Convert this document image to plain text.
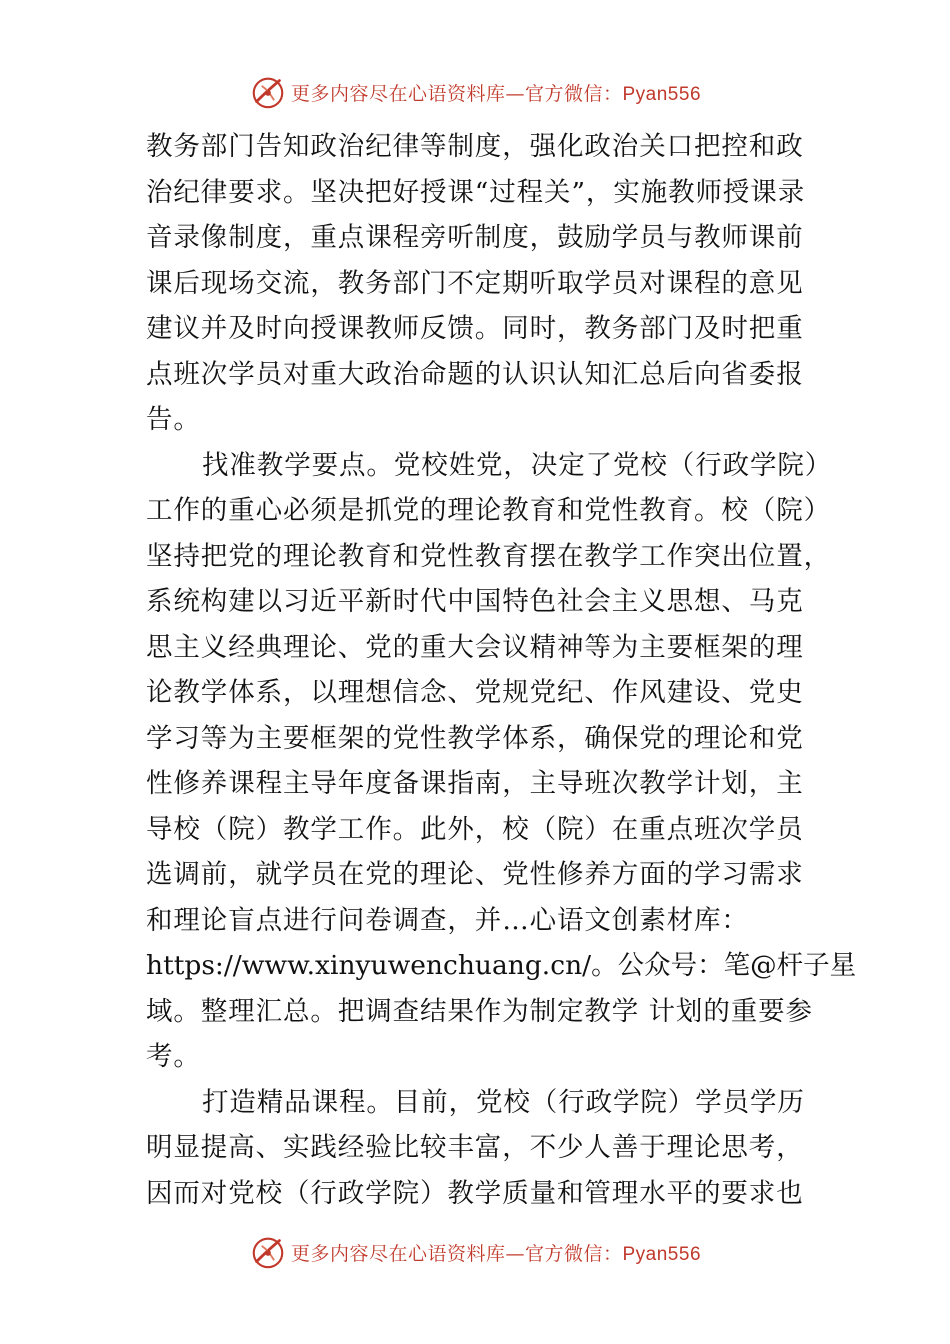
更多内容尽在心语资料库—官方微信：Pyan556
教务部门告知政治纪律等制度，强化政治关口把控和政
治纪律要求。坚决把好授课“过程关”，实施教师授课录
音录像制度，重点课程旁听制度，鼓励学员与教师课前
课后现场交流，教务部门不定期听取学员对课程的意见
建议并及时向授课教师反馈。同时，教务部门及时把重
点班次学员对重大政治命题的认识认知汇总后向省委报
告。
找准教学要点。党校姓党，决定了党校（行政学院）
工作的重心必须是抓党的理论教育和党性教育。校（院）
坚持把党的理论教育和党性教育摆在教学工作突出位置，
系统构建以习近平新时代中国特色社会主义思想、马克
思主义经典理论、党的重大会议精神等为主要框架的理
论教学体系，以理想信念、党规党纪、作风建设、党史
学习等为主要框架的党性教学体系，确保党的理论和党
性修养课程主导年度备课指南，主导班次教学计划，主
导校（院）教学工作。此外，校（院）在重点班次学员
选调前，就学员在党的理论、党性修养方面的学习需求
和理论盲点进行问卷调查，并…心语文创素材库：
https://www.xinyuwenchuang.cn/。公众号：笔@杆子星
域。整理汇总。把调查结果作为制定教学 计划的重要参
考。
打造精品课程。目前，党校（行政学院）学员学历
明显提高、实践经验比较丰富，不少人善于理论思考，
因而对党校（行政学院）教学质量和管理水平的要求也
更多内容尽在心语资料库—官方微信：Pyan556
